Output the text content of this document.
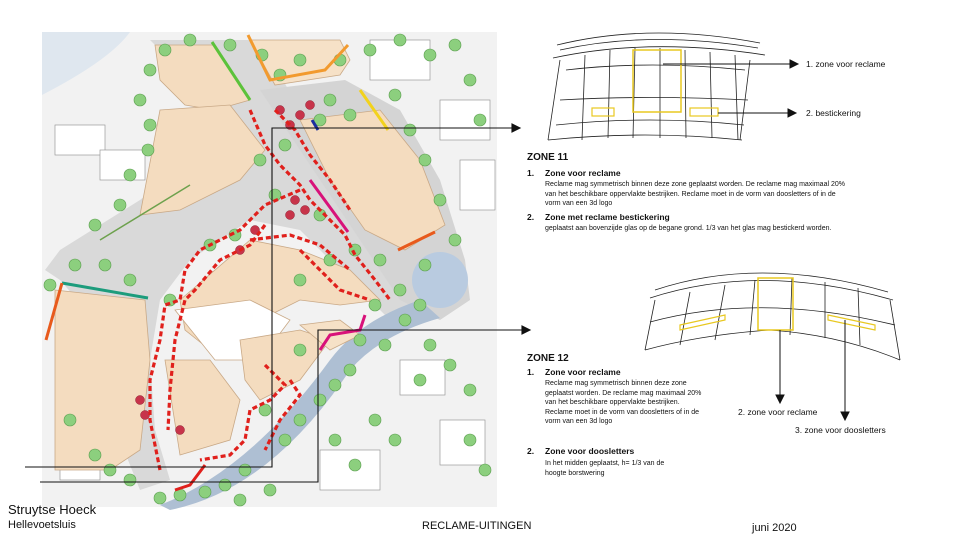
ZONE 11
1. Zone voor reclame
Reclame mag symmetrisch binnen deze zone geplaatst worden. De reclame mag maximaal 20% van het beschikbare oppervlakte bestrijken. Reclame moet in de vorm van doosletters of in de vorm van een 3d logo
2. Zone met reclame bestickering
geplaatst aan bovenzijde glas op de begane grond. 1/3 van het glas mag bestickerd worden.
1. zone voor reclame
2. bestickering
ZONE 12
1. Zone voor reclame
Reclame mag symmetrisch binnen deze zone geplaatst worden. De reclame mag maximaal 20% van het beschikbare oppervlakte bestrijken. Reclame moet in de vorm van doosletters of in de vorm van een 3d logo
2. Zone voor doosletters
In het midden geplaatst, h= 1/3 van de hoogte borstwering
2. zone voor reclame
3. zone voor doosletters
Struytse Hoeck
Hellevoetsluis	RECLAME-UITINGEN	juni 2020
